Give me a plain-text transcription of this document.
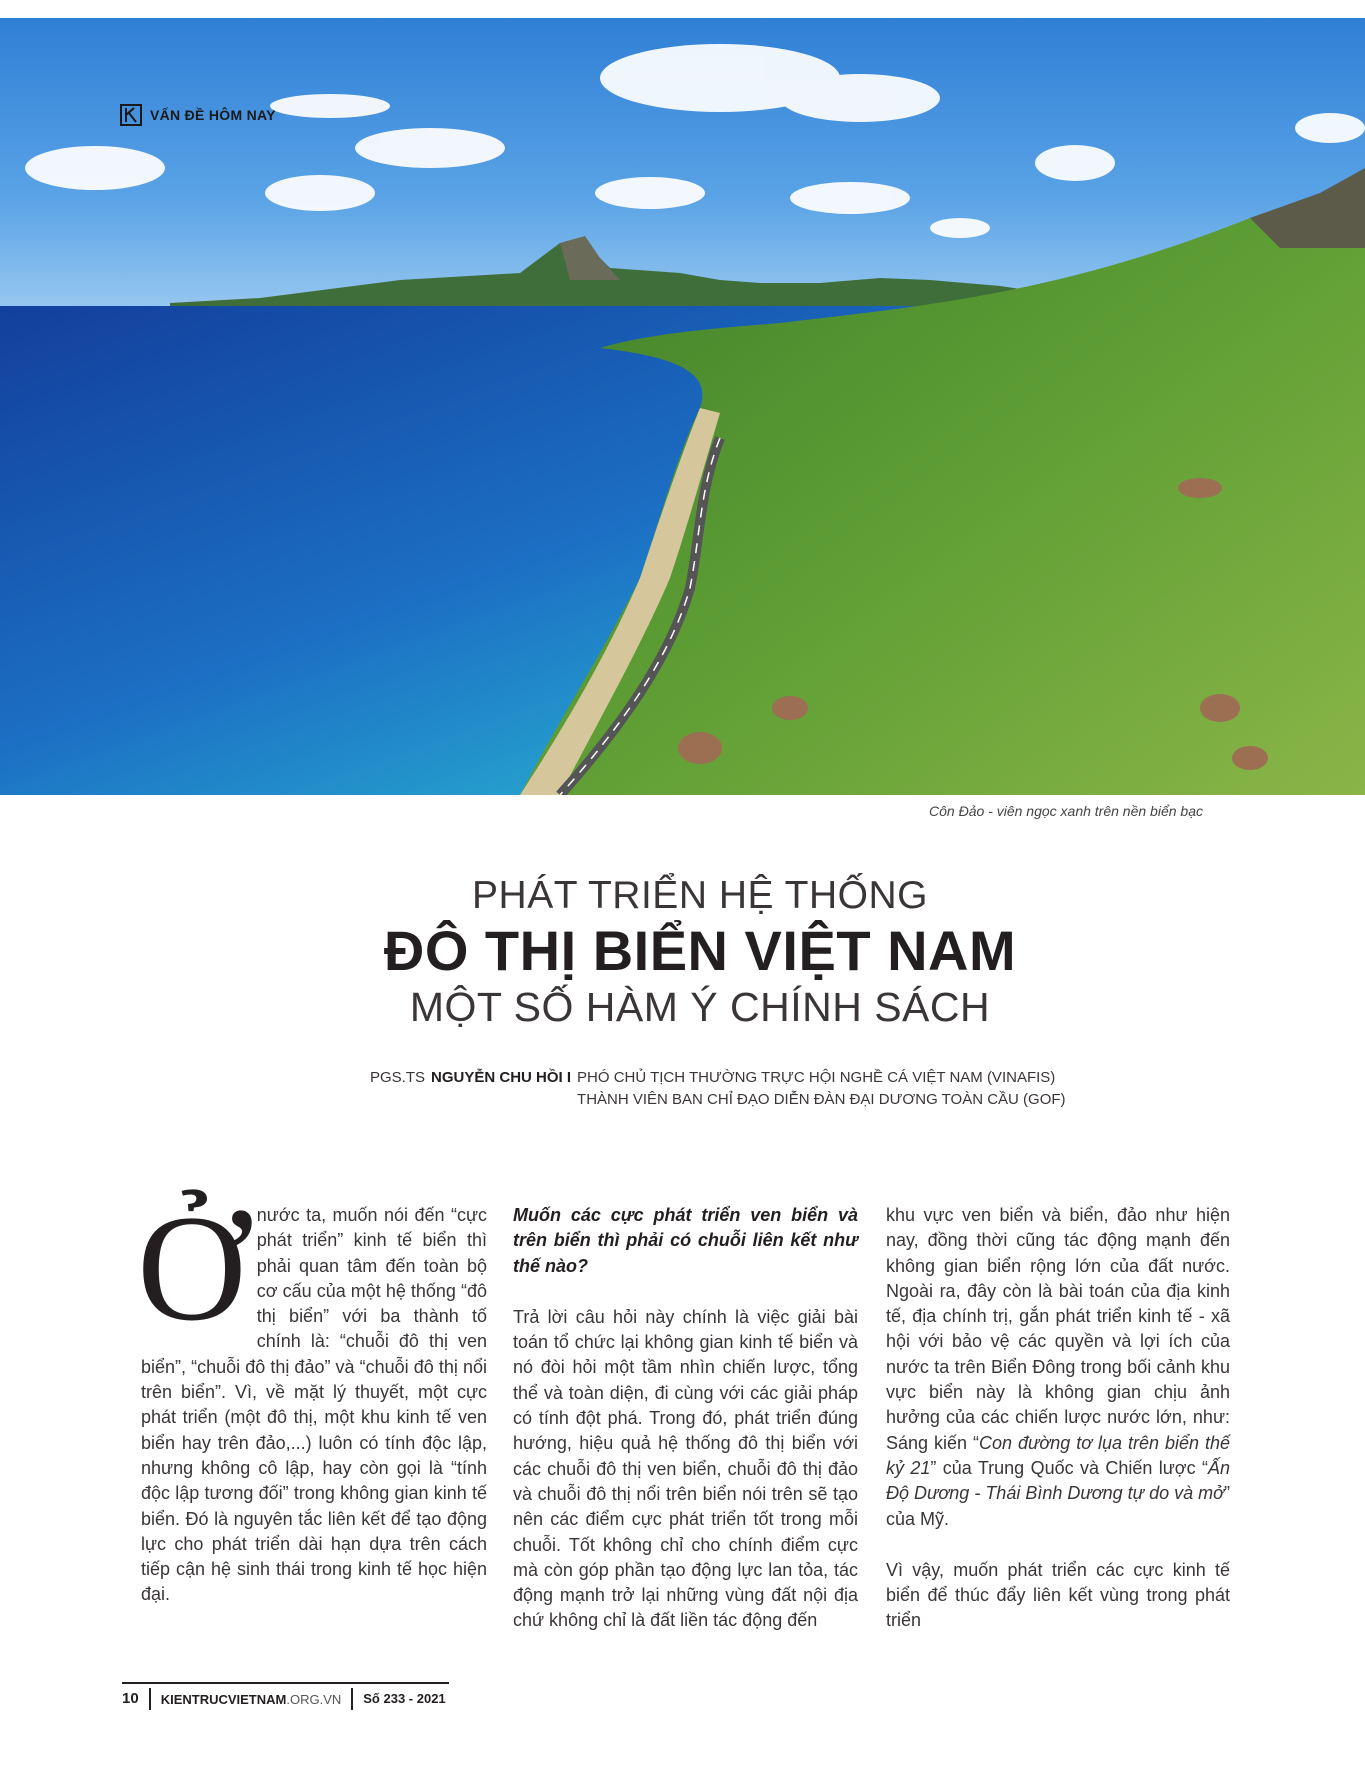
VẤN ĐỀ HÔM NAY
Côn Đảo - viên ngọc xanh trên nền biển bạc
PHÁT TRIỂN HỆ THỐNG
ĐÔ THỊ BIỂN VIỆT NAM
MỘT SỐ HÀM Ý CHÍNH SÁCH
PGS.TS NGUYỄN CHU HỒI I PHÓ CHỦ TỊCH THƯỜNG TRỰC HỘI NGHỀ CÁ VIỆT NAM (VINAFIS)
THÀNH VIÊN BAN CHỈ ĐẠO DIỄN ĐÀN ĐẠI DƯƠNG TOÀN CẦU (GOF)

Ởnước ta, muốn nói đến “cực phát triển” kinh tế biển thì phải quan tâm đến toàn bộ cơ cấu của một hệ thống “đô thị biển” với ba thành tố chính là: “chuỗi đô thị ven biển”, “chuỗi đô thị đảo” và “chuỗi đô thị nổi trên biển”. Vì, về mặt lý thuyết, một cực phát triển (một đô thị, một khu kinh tế ven biển hay trên đảo,...) luôn có tính độc lập, nhưng không cô lập, hay còn gọi là “tính độc lập tương đối” trong không gian kinh tế biển. Đó là nguyên tắc liên kết để tạo động lực cho phát triển dài hạn dựa trên cách tiếp cận hệ sinh thái trong kinh tế học hiện đại.

Muốn các cực phát triển ven biển và trên biển thì phải có chuỗi liên kết như thế nào?

Trả lời câu hỏi này chính là việc giải bài toán tổ chức lại không gian kinh tế biển và nó đòi hỏi một tầm nhìn chiến lược, tổng thể và toàn diện, đi cùng với các giải pháp có tính đột phá. Trong đó, phát triển đúng hướng, hiệu quả hệ thống đô thị biển với các chuỗi đô thị ven biển, chuỗi đô thị đảo và chuỗi đô thị nổi trên biển nói trên sẽ tạo nên các điểm cực phát triển tốt trong mỗi chuỗi. Tốt không chỉ cho chính điểm cực mà còn góp phần tạo động lực lan tỏa, tác động mạnh trở lại những vùng đất nội địa chứ không chỉ là đất liền tác động đến

khu vực ven biển và biển, đảo như hiện nay, đồng thời cũng tác động mạnh đến không gian biển rộng lớn của đất nước. Ngoài ra, đây còn là bài toán của địa kinh tế, địa chính trị, gắn phát triển kinh tế - xã hội với bảo vệ các quyền và lợi ích của nước ta trên Biển Đông trong bối cảnh khu vực biển này là không gian chịu ảnh hưởng của các chiến lược nước lớn, như: Sáng kiến “Con đường tơ lụa trên biển thế kỷ 21” của Trung Quốc và Chiến lược “Ấn Độ Dương - Thái Bình Dương tự do và mở” của Mỹ.

Vì vậy, muốn phát triển các cực kinh tế biển để thúc đẩy liên kết vùng trong phát triển

10	KIENTRUCVIETNAM .ORG.VN	Số 233 - 2021
